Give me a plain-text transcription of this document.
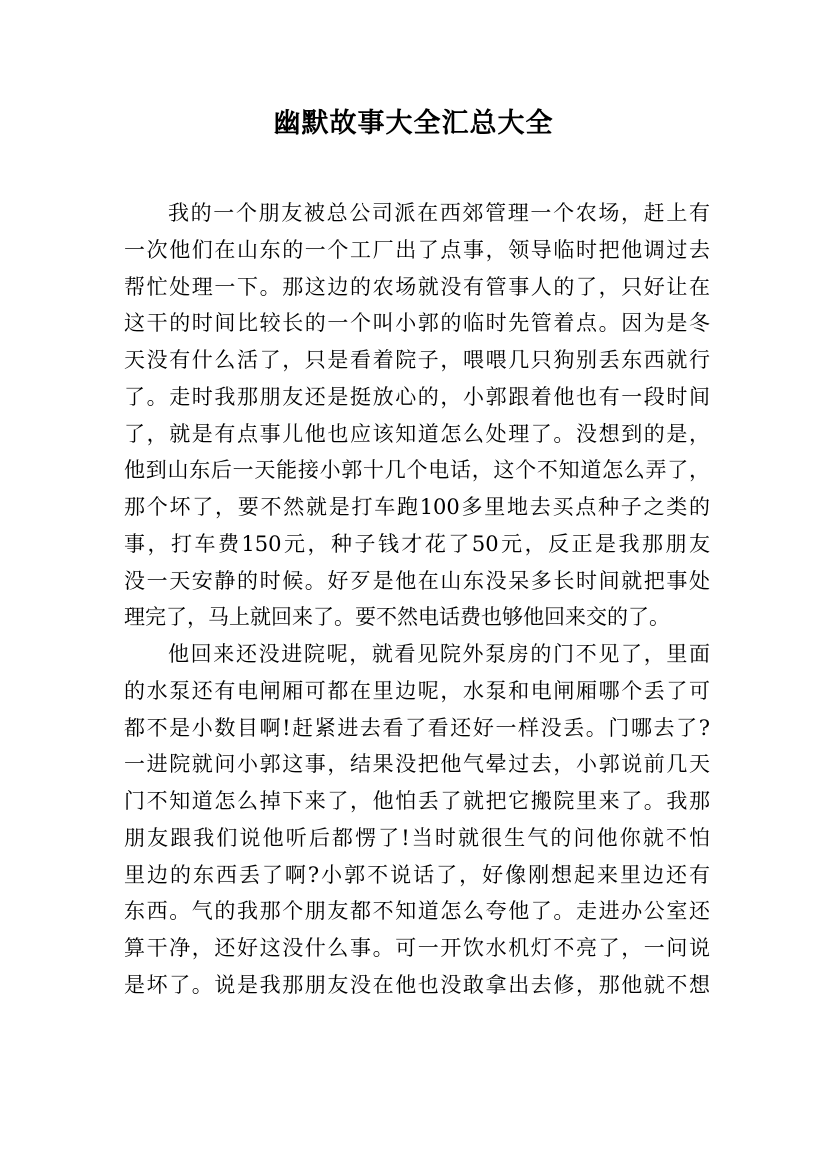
幽默故事大全汇总大全
我的一个朋友被总公司派在西郊管理一个农场，赶上有
一次他们在山东的一个工厂出了点事，领导临时把他调过去
帮忙处理一下。那这边的农场就没有管事人的了，只好让在
这干的时间比较长的一个叫小郭的临时先管着点。因为是冬
天没有什么活了，只是看着院子，喂喂几只狗别丢东西就行
了。走时我那朋友还是挺放心的，小郭跟着他也有一段时间
了，就是有点事儿他也应该知道怎么处理了。没想到的是，
他到山东后一天能接小郭十几个电话，这个不知道怎么弄了，
那个坏了，要不然就是打车跑100多里地去买点种子之类的
事，打车费150元，种子钱才花了50元，反正是我那朋友
没一天安静的时候。好歹是他在山东没呆多长时间就把事处
理完了，马上就回来了。要不然电话费也够他回来交的了。
他回来还没进院呢，就看见院外泵房的门不见了，里面
的水泵还有电闸厢可都在里边呢，水泵和电闸厢哪个丢了可
都不是小数目啊!赶紧进去看了看还好一样没丢。门哪去了?
一进院就问小郭这事，结果没把他气晕过去，小郭说前几天
门不知道怎么掉下来了，他怕丢了就把它搬院里来了。我那
朋友跟我们说他听后都愣了!当时就很生气的问他你就不怕
里边的东西丢了啊?小郭不说话了，好像刚想起来里边还有
东西。气的我那个朋友都不知道怎么夸他了。走进办公室还
算干净，还好这没什么事。可一开饮水机灯不亮了，一问说
是坏了。说是我那朋友没在他也没敢拿出去修，那他就不想
